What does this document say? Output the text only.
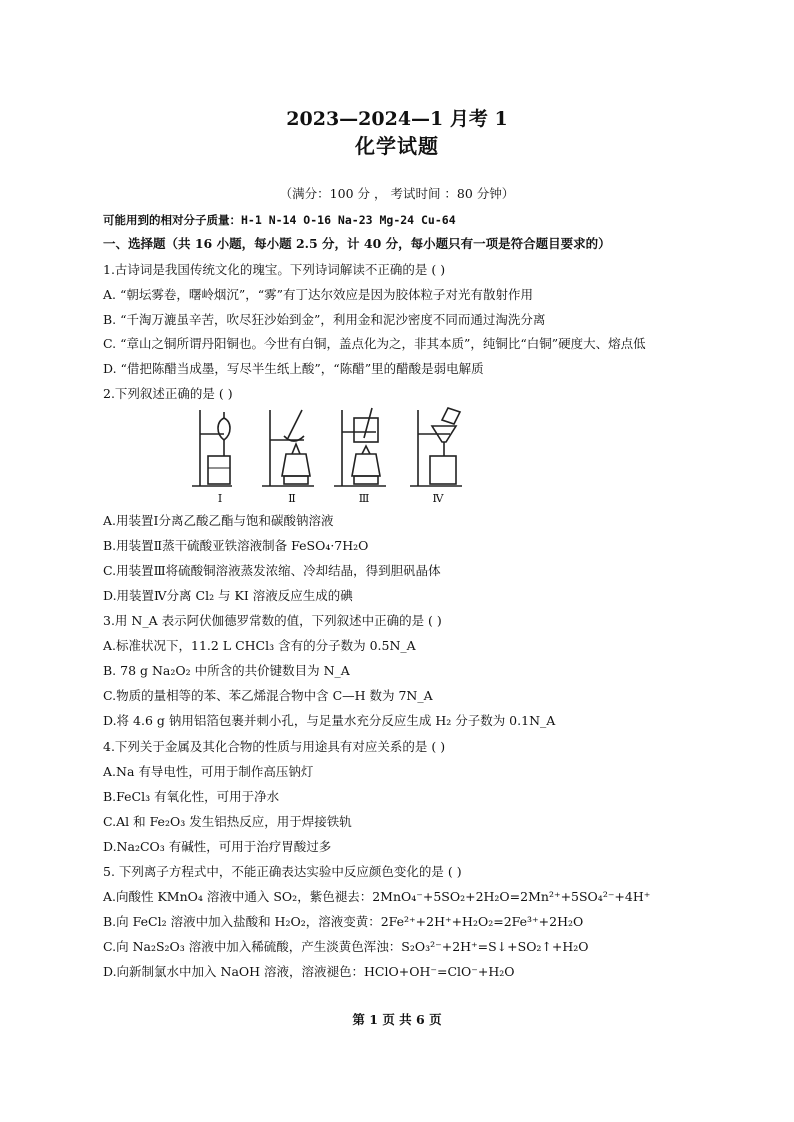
2023—2024—1 月考 1
化学试题
（满分：100 分 ， 考试时间 ：80 分钟）
可能用到的相对分子质量：H-1 N-14 O-16 Na-23 Mg-24 Cu-64
一、选择题（共 16 小题，每小题 2.5 分，计 40 分，每小题只有一项是符合题目要求的）
1.古诗词是我国传统文化的瑰宝。下列诗词解读不正确的是 ( )
A. “朝坛雾卷，曙岭烟沉”，“雾”有丁达尔效应是因为胶体粒子对光有散射作用
B. “千淘万漉虽辛苦，吹尽狂沙始到金”，利用金和泥沙密度不同而通过淘洗分离
C. “章山之铜所谓丹阳铜也。今世有白铜，盖点化为之，非其本质”，纯铜比“白铜”硬度大、熔点低
D. “借把陈醋当成墨，写尽半生纸上酸”，“陈醋”里的醋酸是弱电解质
2.下列叙述正确的是 ( )
Ⅰ	Ⅱ	Ⅲ	Ⅳ
A.用装置Ⅰ分离乙酸乙酯与饱和碳酸钠溶液
B.用装置Ⅱ蒸干硫酸亚铁溶液制备 FeSO₄·7H₂O
C.用装置Ⅲ将硫酸铜溶液蒸发浓缩、冷却结晶，得到胆矾晶体
D.用装置Ⅳ分离 Cl₂ 与 KI 溶液反应生成的碘
3.用 N_A 表示阿伏伽德罗常数的值，下列叙述中正确的是 ( )
A.标准状况下，11.2 L CHCl₃ 含有的分子数为 0.5N_A
B. 78 g Na₂O₂ 中所含的共价键数目为 N_A
C.物质的量相等的苯、苯乙烯混合物中含 C—H 数为 7N_A
D.将 4.6 g 钠用铝箔包裹并刺小孔，与足量水充分反应生成 H₂ 分子数为 0.1N_A
4.下列关于金属及其化合物的性质与用途具有对应关系的是 ( )
A.Na 有导电性，可用于制作高压钠灯
B.FeCl₃ 有氧化性，可用于净水
C.Al 和 Fe₂O₃ 发生铝热反应，用于焊接铁轨
D.Na₂CO₃ 有碱性，可用于治疗胃酸过多
5. 下列离子方程式中，不能正确表达实验中反应颜色变化的是 ( )
A.向酸性 KMnO₄ 溶液中通入 SO₂，紫色褪去：2MnO₄⁻+5SO₂+2H₂O=2Mn²⁺+5SO₄²⁻+4H⁺
B.向 FeCl₂ 溶液中加入盐酸和 H₂O₂，溶液变黄：2Fe²⁺+2H⁺+H₂O₂=2Fe³⁺+2H₂O
C.向 Na₂S₂O₃ 溶液中加入稀硫酸，产生淡黄色浑浊：S₂O₃²⁻+2H⁺=S↓+SO₂↑+H₂O
D.向新制氯水中加入 NaOH 溶液，溶液褪色：HClO+OH⁻=ClO⁻+H₂O
第 1 页 共 6 页
